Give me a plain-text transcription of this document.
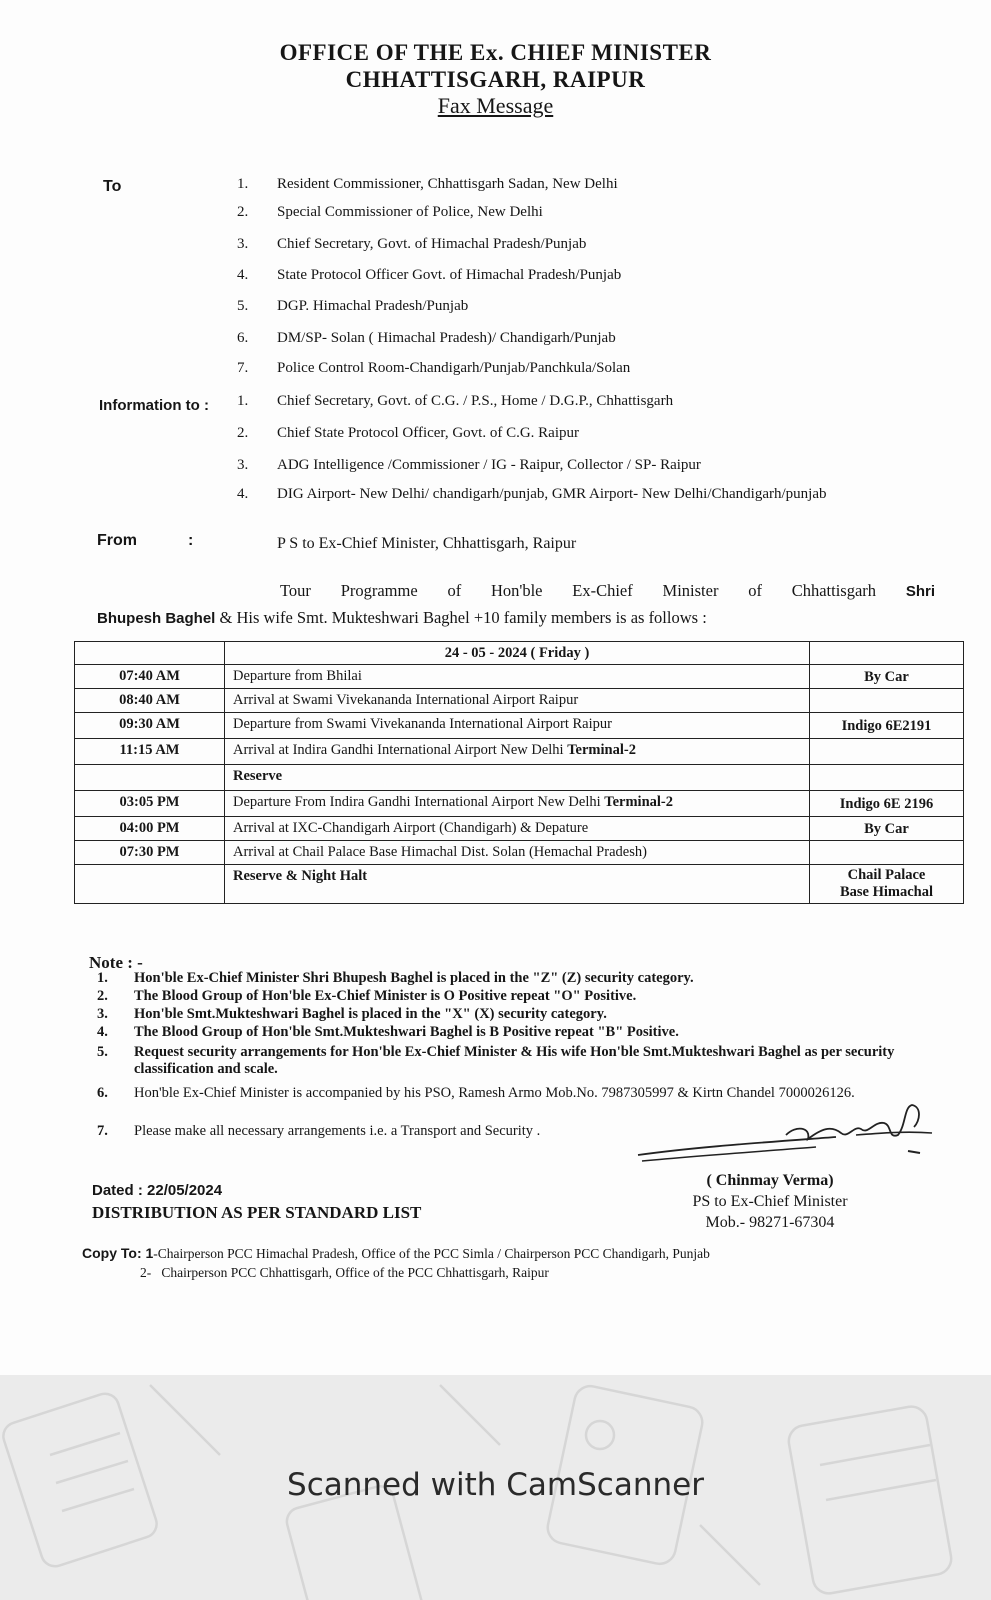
OFFICE OF THE Ex. CHIEF MINISTER
CHHATTISGARH, RAIPUR
Fax Message
To	1. Resident Commissioner, Chhattisgarh Sadan, New Delhi
2. Special Commissioner of Police, New Delhi
3. Chief Secretary, Govt. of Himachal Pradesh/Punjab
4. State Protocol Officer Govt. of Himachal Pradesh/Punjab
5. DGP. Himachal Pradesh/Punjab
6. DM/SP- Solan ( Himachal Pradesh)/ Chandigarh/Punjab
7. Police Control Room-Chandigarh/Punjab/Panchkula/Solan
Information to : 1. Chief Secretary, Govt. of C.G. / P.S., Home / D.G.P., Chhattisgarh
2. Chief State Protocol Officer, Govt. of C.G. Raipur
3. ADG Intelligence /Commissioner / IG - Raipur, Collector / SP- Raipur
4. DIG Airport- New Delhi/ chandigarh/punjab, GMR Airport- New Delhi/Chandigarh/punjab
From	:	P S to Ex-Chief Minister, Chhattisgarh, Raipur
Tour Programme of Hon'ble Ex-Chief Minister of Chhattisgarh Shri
Bhupesh Baghel & His wife Smt. Mukteshwari Baghel +10 family members is as follows :
	24 - 05 - 2024 ( Friday )	
07:40 AM	Departure from Bhilai	By Car
08:40 AM	Arrival at Swami Vivekananda International Airport Raipur	
09:30 AM	Departure from Swami Vivekananda International Airport Raipur	Indigo 6E2191
11:15 AM	Arrival at Indira Gandhi International Airport New Delhi Terminal-2	
	Reserve	
03:05 PM	Departure From Indira Gandhi International Airport New Delhi Terminal-2	Indigo 6E 2196
04:00 PM	Arrival at IXC-Chandigarh Airport (Chandigarh) & Depature	By Car
07:30 PM	Arrival at Chail Palace Base Himachal Dist. Solan (Hemachal Pradesh)	
	Reserve & Night Halt	Chail Palace
Base Himachal
Note : -
1. Hon'ble Ex-Chief Minister Shri Bhupesh Baghel is placed in the "Z" (Z) security category.
2. The Blood Group of Hon'ble Ex-Chief Minister is O Positive repeat "O" Positive.
3. Hon'ble Smt.Mukteshwari Baghel is placed in the "X" (X) security category.
4. The Blood Group of Hon'ble Smt.Mukteshwari Baghel is B Positive repeat "B" Positive.
5. Request security arrangements for Hon'ble Ex-Chief Minister & His wife Hon'ble Smt.Mukteshwari Baghel as per security classification and scale.
6. Hon'ble Ex-Chief Minister is accompanied by his PSO, Ramesh Armo Mob.No. 7987305997 & Kirtn Chandel 7000026126.
7. Please make all necessary arrangements i.e. a Transport and Security .
( Chinmay Verma)
PS to Ex-Chief Minister
Mob.- 98271-67304
Dated : 22/05/2024
DISTRIBUTION AS PER STANDARD LIST
Copy To: 1-Chairperson PCC Himachal Pradesh, Office of the PCC Simla / Chairperson PCC Chandigarh, Punjab
2- Chairperson PCC Chhattisgarh, Office of the PCC Chhattisgarh, Raipur
Scanned with CamScanner
